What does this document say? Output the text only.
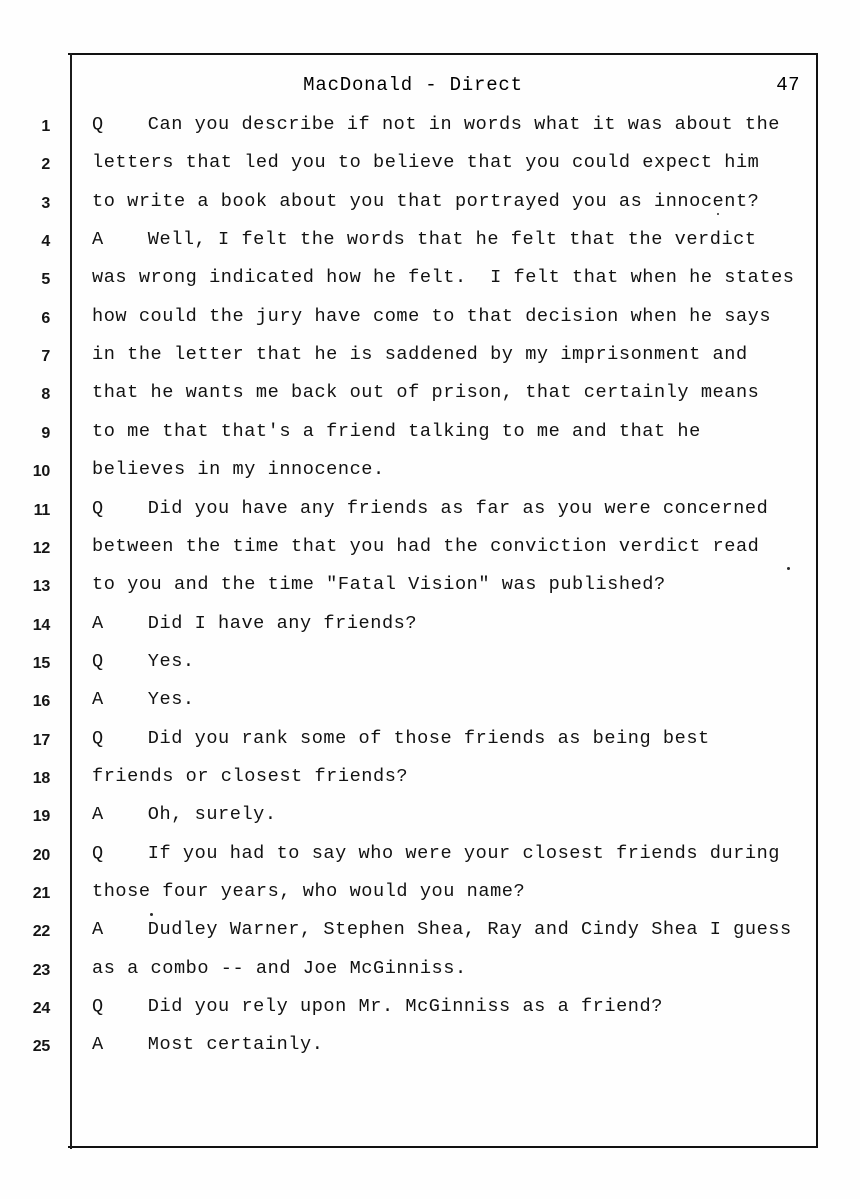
MacDonald - Direct	47
1
2
3
4
5
6
7
8
9
10
11
12
13
14
15
16
17
18
19
20
21
22
23
24
25
Q Can you describe if not in words what it was about the
letters that led you to believe that you could expect him
to write a book about you that portrayed you as innocent?
A Well, I felt the words that he felt that the verdict
was wrong indicated how he felt.  I felt that when he states
how could the jury have come to that decision when he says
in the letter that he is saddened by my imprisonment and
that he wants me back out of prison, that certainly means
to me that that's a friend talking to me and that he
believes in my innocence.
Q Did you have any friends as far as you were concerned
between the time that you had the conviction verdict read
to you and the time "Fatal Vision" was published?
A Did I have any friends?
Q Yes.
A Yes.
Q Did you rank some of those friends as being best
friends or closest friends?
A Oh, surely.
Q If you had to say who were your closest friends during
those four years, who would you name?
A Dudley Warner, Stephen Shea, Ray and Cindy Shea I guess
as a combo -- and Joe McGinniss.
Q Did you rely upon Mr. McGinniss as a friend?
A Most certainly.
